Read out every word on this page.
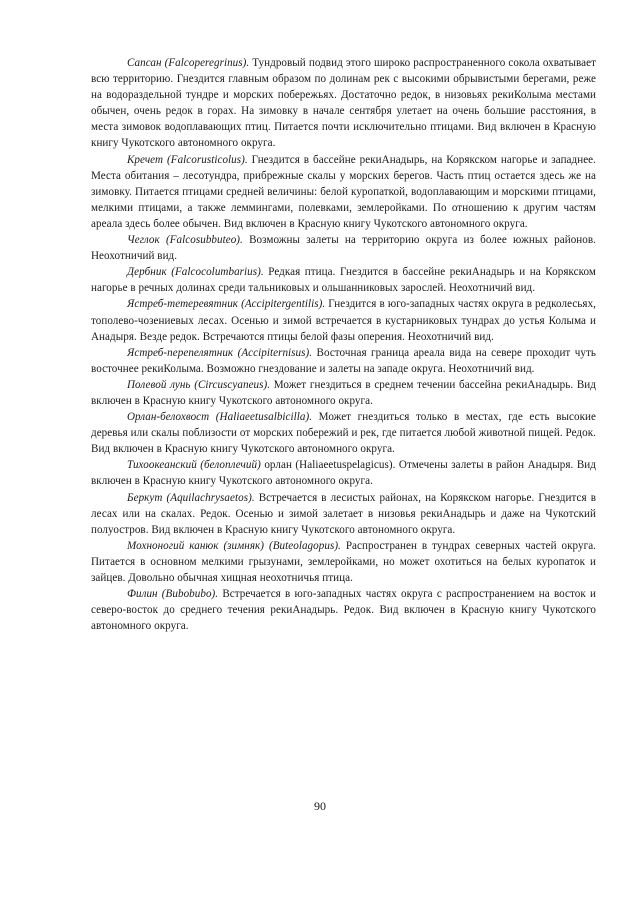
Сапсан (Falcoperegrinus). Тундровый подвид этого широко распространенного сокола охватывает всю территорию. Гнездится главным образом по долинам рек с высокими обрывистыми берегами, реже на водораздельной тундре и морских побережьях. Достаточно редок, в низовьях рекиКолыма местами обычен, очень редок в горах. На зимовку в начале сентября улетает на очень большие расстояния, в места зимовок водоплавающих птиц. Питается почти исключительно птицами. Вид включен в Красную книгу Чукотского автономного округа.

Кречет (Falcorusticolus). Гнездится в бассейне рекиАнадырь, на Корякском нагорье и западнее. Места обитания – лесотундра, прибрежные скалы у морских берегов. Часть птиц остается здесь же на зимовку. Питается птицами средней величины: белой куропаткой, водоплавающим и морскими птицами, мелкими птицами, а также леммингами, полевками, землеройками. По отношению к другим частям ареала здесь более обычен. Вид включен в Красную книгу Чукотского автономного округа.

Чеглок (Falcosubbuteo). Возможны залеты на территорию округа из более южных районов. Неохотничий вид.

Дербник (Falcocolumbarius). Редкая птица. Гнездится в бассейне рекиАнадырь и на Корякском нагорье в речных долинах среди тальниковых и ольшанниковых зарослей. Неохотничий вид.

Ястреб-тетеревятник (Accipitergentilis). Гнездится в юго-западных частях округа в редколесьях, тополево-чозениевых лесах. Осенью и зимой встречается в кустарниковых тундрах до устья Колыма и Анадыря. Везде редок. Встречаются птицы белой фазы оперения. Неохотничий вид.

Ястреб-перепелятник (Accipiternisus). Восточная граница ареала вида на севере проходит чуть восточнее рекиКолыма. Возможно гнездование и залеты на западе округа. Неохотничий вид.

Полевой лунь (Circuscyaneus). Может гнездиться в среднем течении бассейна рекиАнадырь. Вид включен в Красную книгу Чукотского автономного округа.

Орлан-белохвост (Haliaeetusalbicilla). Может гнездиться только в местах, где есть высокие деревья или скалы поблизости от морских побережий и рек, где питается любой животной пищей. Редок. Вид включен в Красную книгу Чукотского автономного округа.

Тихоокеанский (белоплечий) орлан (Haliaeetuspelagicus). Отмечены залеты в район Анадыря. Вид включен в Красную книгу Чукотского автономного округа.

Беркут (Aquilachrysaetos). Встречается в лесистых районах, на Корякском нагорье. Гнездится в лесах или на скалах. Редок. Осенью и зимой залетает в низовья рекиАнадырь и даже на Чукотский полуостров. Вид включен в Красную книгу Чукотского автономного округа.

Мохноногий канюк (зимняк) (Buteolagopus). Распространен в тундрах северных частей округа. Питается в основном мелкими грызунами, землеройками, но может охотиться на белых куропаток и зайцев. Довольно обычная хищная неохотничья птица.

Филин (Bubobubo). Встречается в юго-западных частях округа с распространением на восток и северо-восток до среднего течения рекиАнадырь. Редок. Вид включен в Красную книгу Чукотского автономного округа.

90
